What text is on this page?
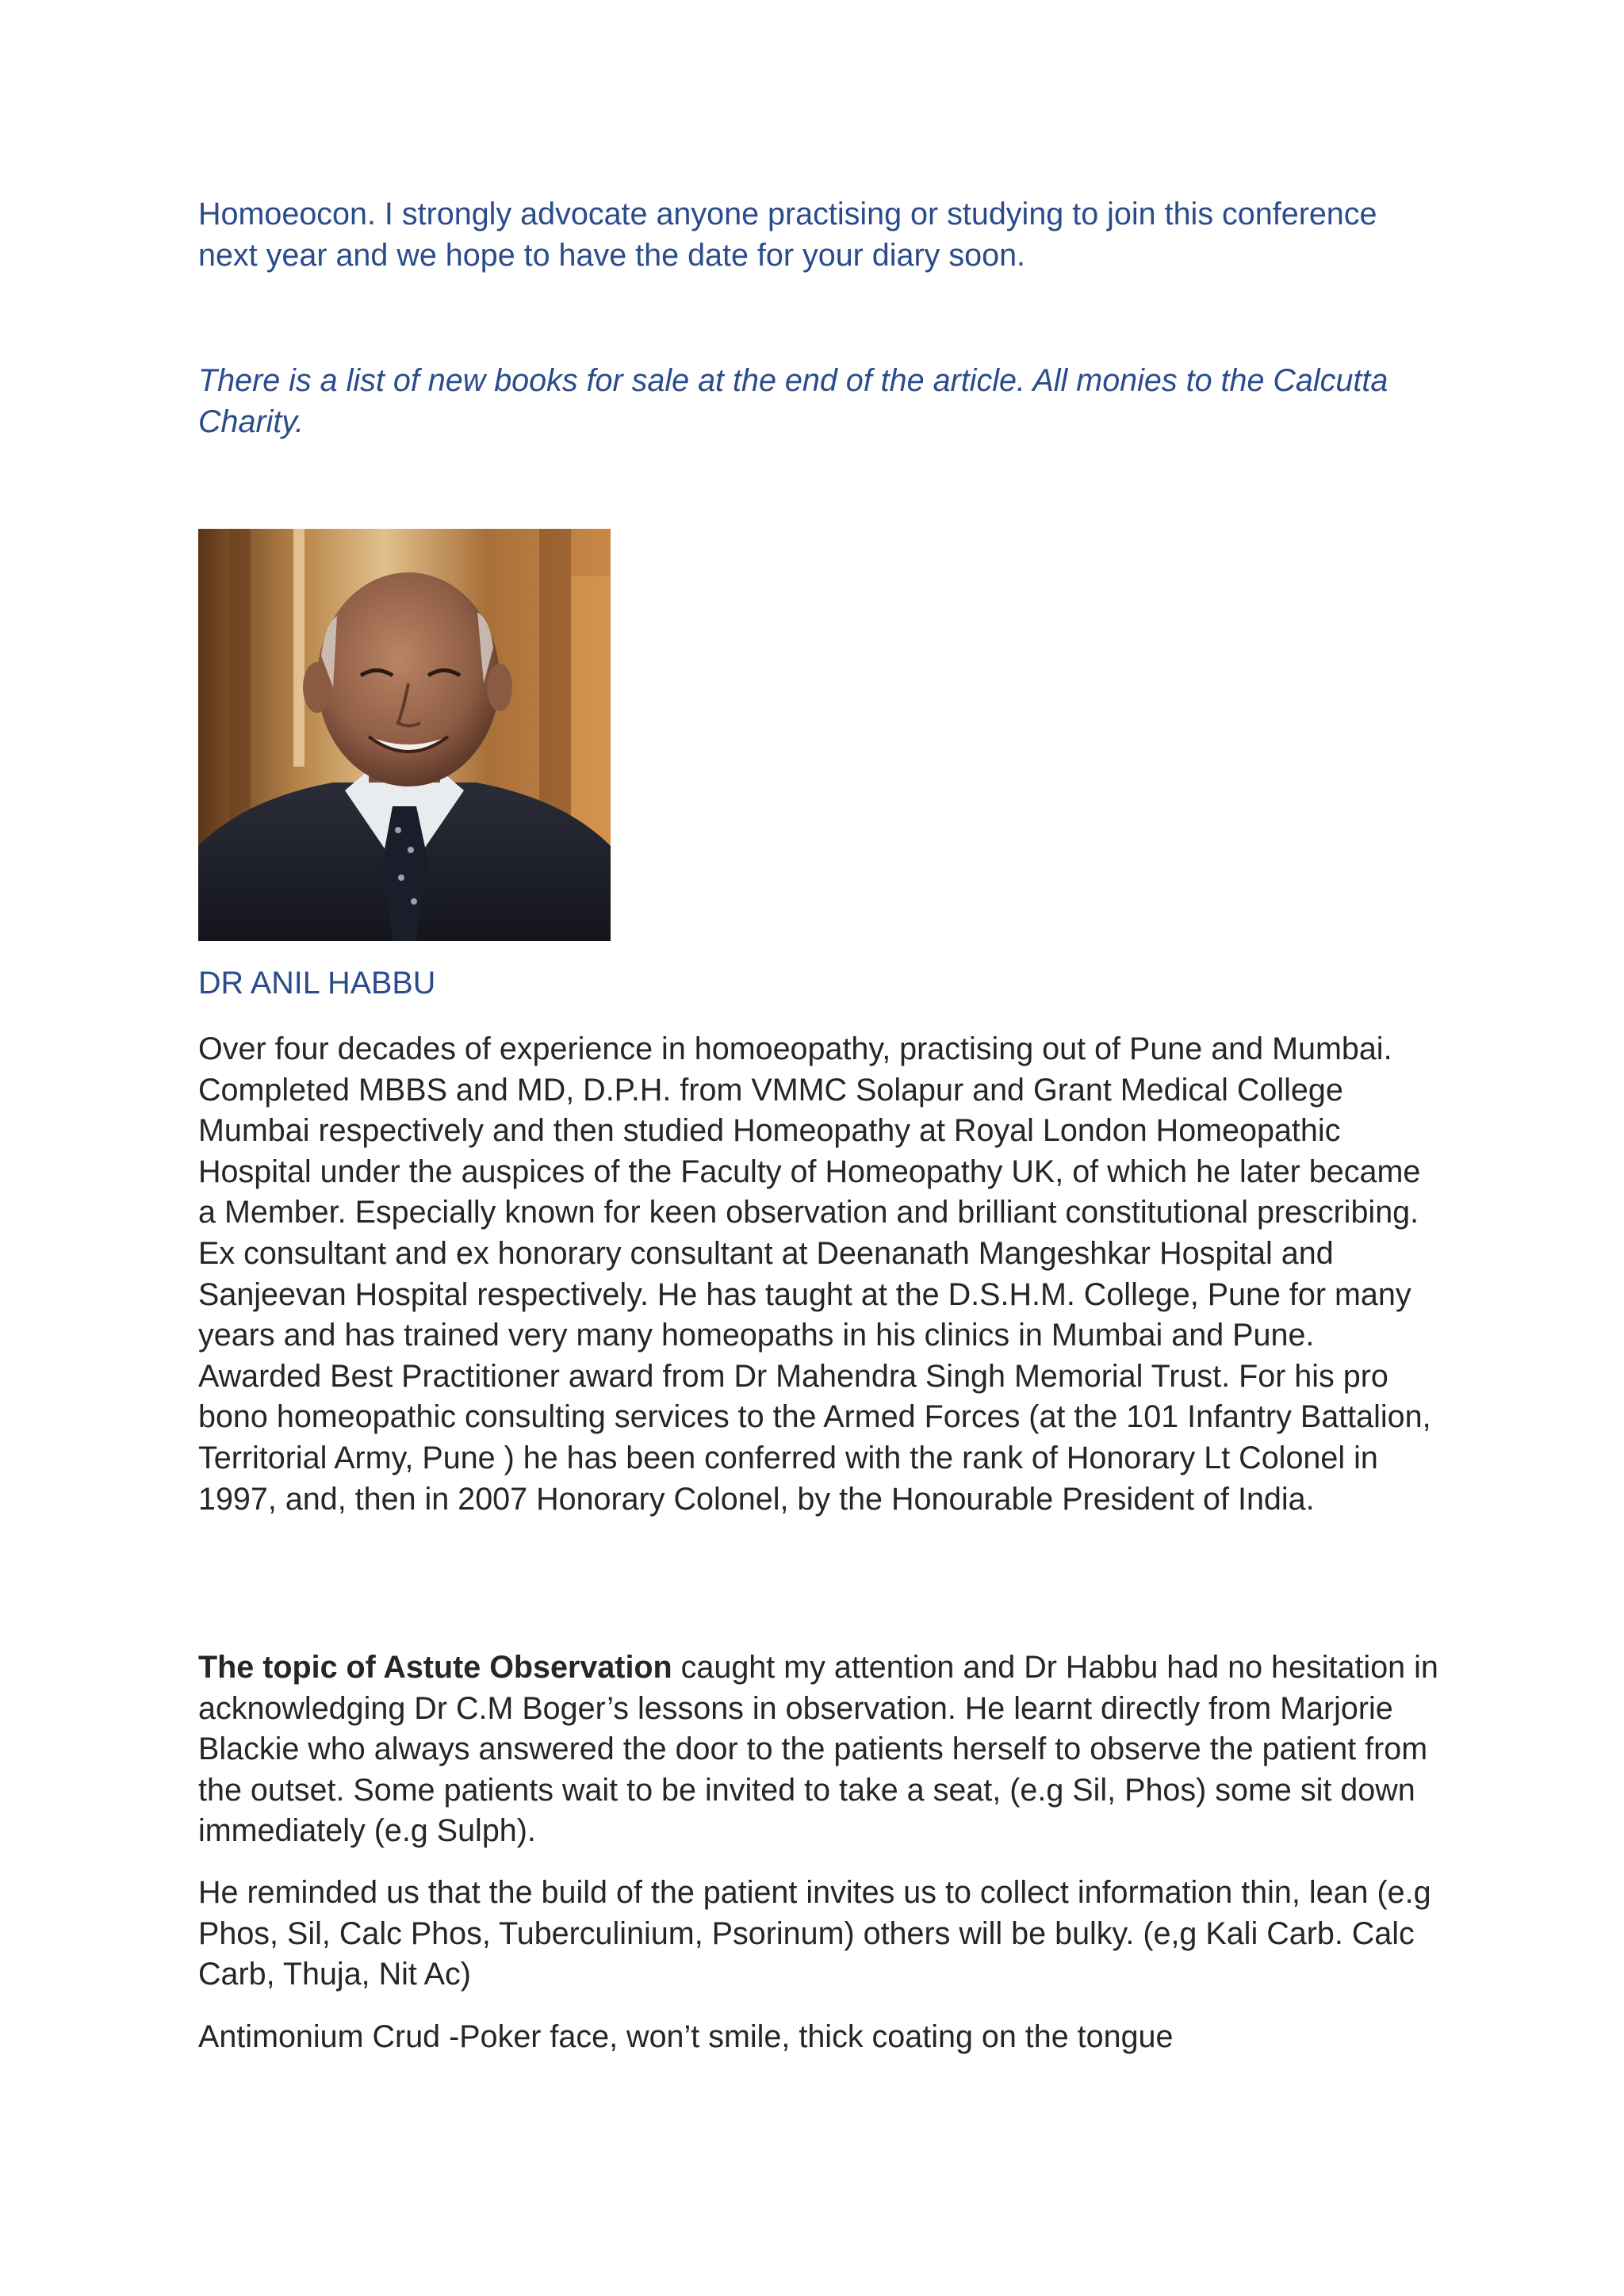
Homoeocon. I strongly advocate anyone practising or studying to join this conference next year and we hope to have the date for your diary soon.

There is a list of new books for sale at the end of the article. All monies to the Calcutta Charity.

DR ANIL HABBU

Over four decades of experience in homoeopathy, practising out of Pune and Mumbai. Completed MBBS and MD, D.P.H. from VMMC Solapur and Grant Medical College Mumbai respectively and then studied Homeopathy at Royal London Homeopathic Hospital under the auspices of the Faculty of Homeopathy UK, of which he later became a Member. Especially known for keen observation and brilliant constitutional prescribing. Ex consultant and ex honorary consultant at Deenanath Mangeshkar Hospital and Sanjeevan Hospital respectively. He has taught at the D.S.H.M. College, Pune for many years and has trained very many homeopaths in his clinics in Mumbai and Pune. Awarded Best Practitioner award from Dr Mahendra Singh Memorial Trust. For his pro bono homeopathic consulting services to the Armed Forces (at the 101 Infantry Battalion, Territorial Army, Pune ) he has been conferred with the rank of Honorary Lt Colonel in 1997, and, then in 2007 Honorary Colonel, by the Honourable President of India.

The topic of Astute Observation caught my attention and Dr Habbu had no hesitation in acknowledging Dr C.M Boger’s lessons in observation. He learnt directly from Marjorie Blackie who always answered the door to the patients herself to observe the patient from the outset. Some patients wait to be invited to take a seat, (e.g Sil, Phos) some sit down immediately (e.g Sulph).

He reminded us that the build of the patient invites us to collect information thin, lean (e.g Phos, Sil, Calc Phos, Tuberculinium, Psorinum) others will be bulky. (e,g Kali Carb. Calc Carb, Thuja, Nit Ac)

Antimonium Crud -Poker face, won’t smile, thick coating on the tongue
